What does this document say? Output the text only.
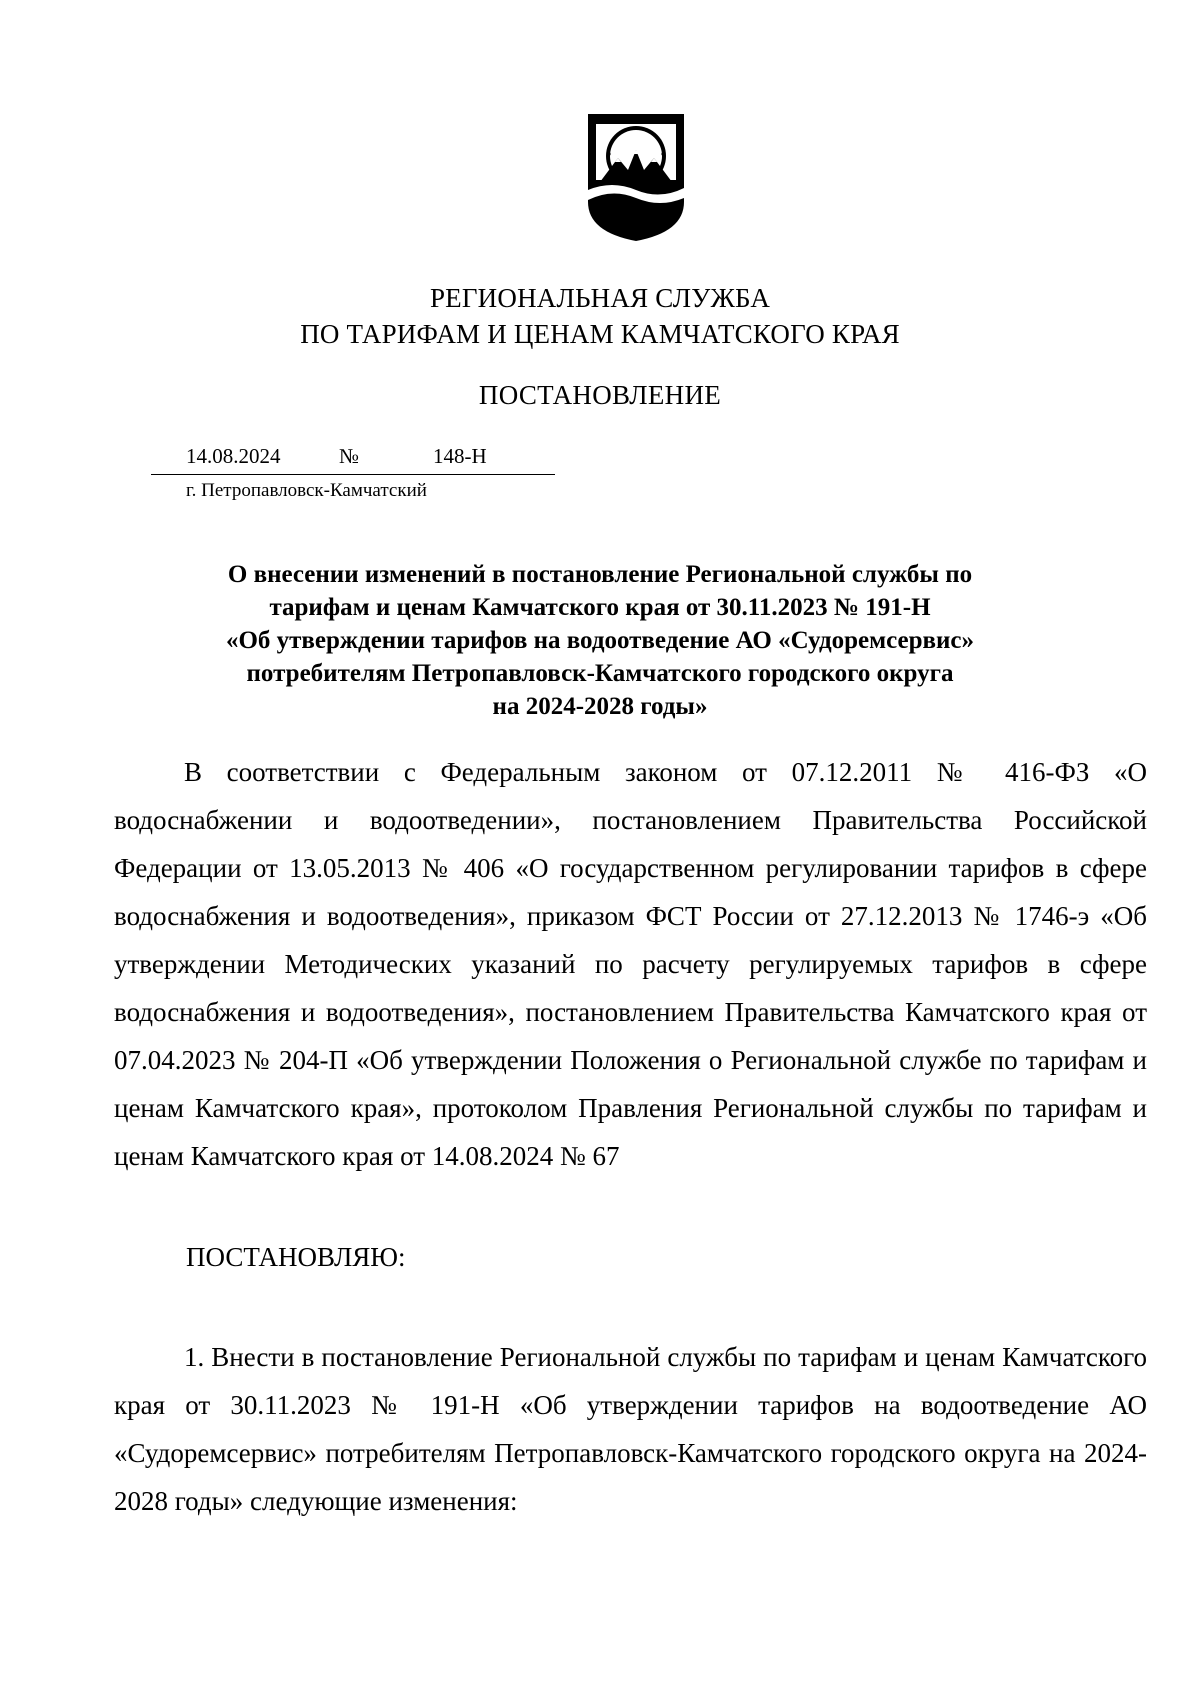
РЕГИОНАЛЬНАЯ СЛУЖБА
ПО ТАРИФАМ И ЦЕНАМ КАМЧАТСКОГО КРАЯ
ПОСТАНОВЛЕНИЕ
14.08.2024	№	148-Н
г. Петропавловск-Камчатский
О внесении изменений в постановление Региональной службы по
тарифам и ценам Камчатского края от 30.11.2023 № 191-Н
«Об утверждении тарифов на водоотведение АО «Судоремсервис»
потребителям Петропавловск-Камчатского городского округа
на 2024-2028 годы»
В соответствии с Федеральным законом от 07.12.2011 № 416-ФЗ «О водоснабжении и водоотведении», постановлением Правительства Российской Федерации от 13.05.2013 № 406 «О государственном регулировании тарифов в сфере водоснабжения и водоотведения», приказом ФСТ России от 27.12.2013 № 1746-э «Об утверждении Методических указаний по расчету регулируемых тарифов в сфере водоснабжения и водоотведения», постановлением Правительства Камчатского края от 07.04.2023 № 204-П «Об утверждении Положения о Региональной службе по тарифам и ценам Камчатского края», протоколом Правления Региональной службы по тарифам и ценам Камчатского края от 14.08.2024 № 67
ПОСТАНОВЛЯЮ:
1. Внести в постановление Региональной службы по тарифам и ценам Камчатского края от 30.11.2023 № 191-Н «Об утверждении тарифов на водоотведение АО «Судоремсервис» потребителям Петропавловск-Камчатского городского округа на 2024-2028 годы» следующие изменения:
